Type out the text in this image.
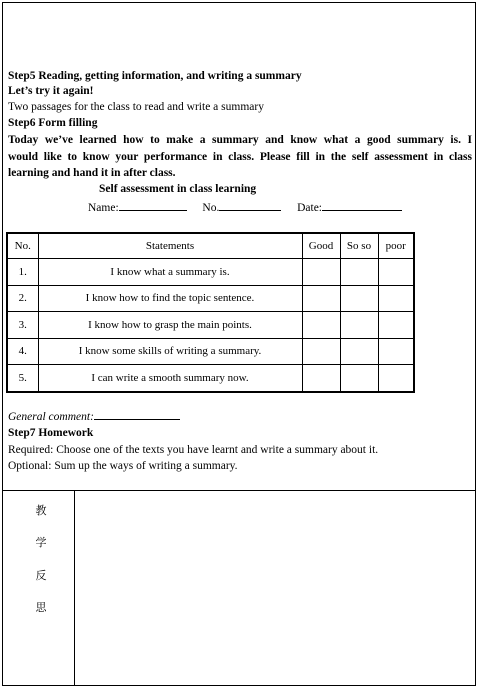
Step5 Reading, getting information, and writing a summary
Let’s try it again!
Two passages for the class to read and write a summary
Step6 Form filling
Today we’ve learned how to make a summary and know what a good summary is. I
would like to know your performance in class. Please fill in the self assessment in class
learning and hand it in after class.
Self assessment in class learning
Name:	No.	Date:
No.	Statements	Good	So so	poor
1.	I know what a summary is.			
2.	I know how to find the topic sentence.			
3.	I know how to grasp the main points.			
4.	I know some skills of writing a summary.			
5.	I can write a smooth summary now.			
General comment:
Step7 Homework
Required: Choose one of the texts you have learnt and write a summary about it.
Optional: Sum up the ways of writing a summary.
教
学
反
思
